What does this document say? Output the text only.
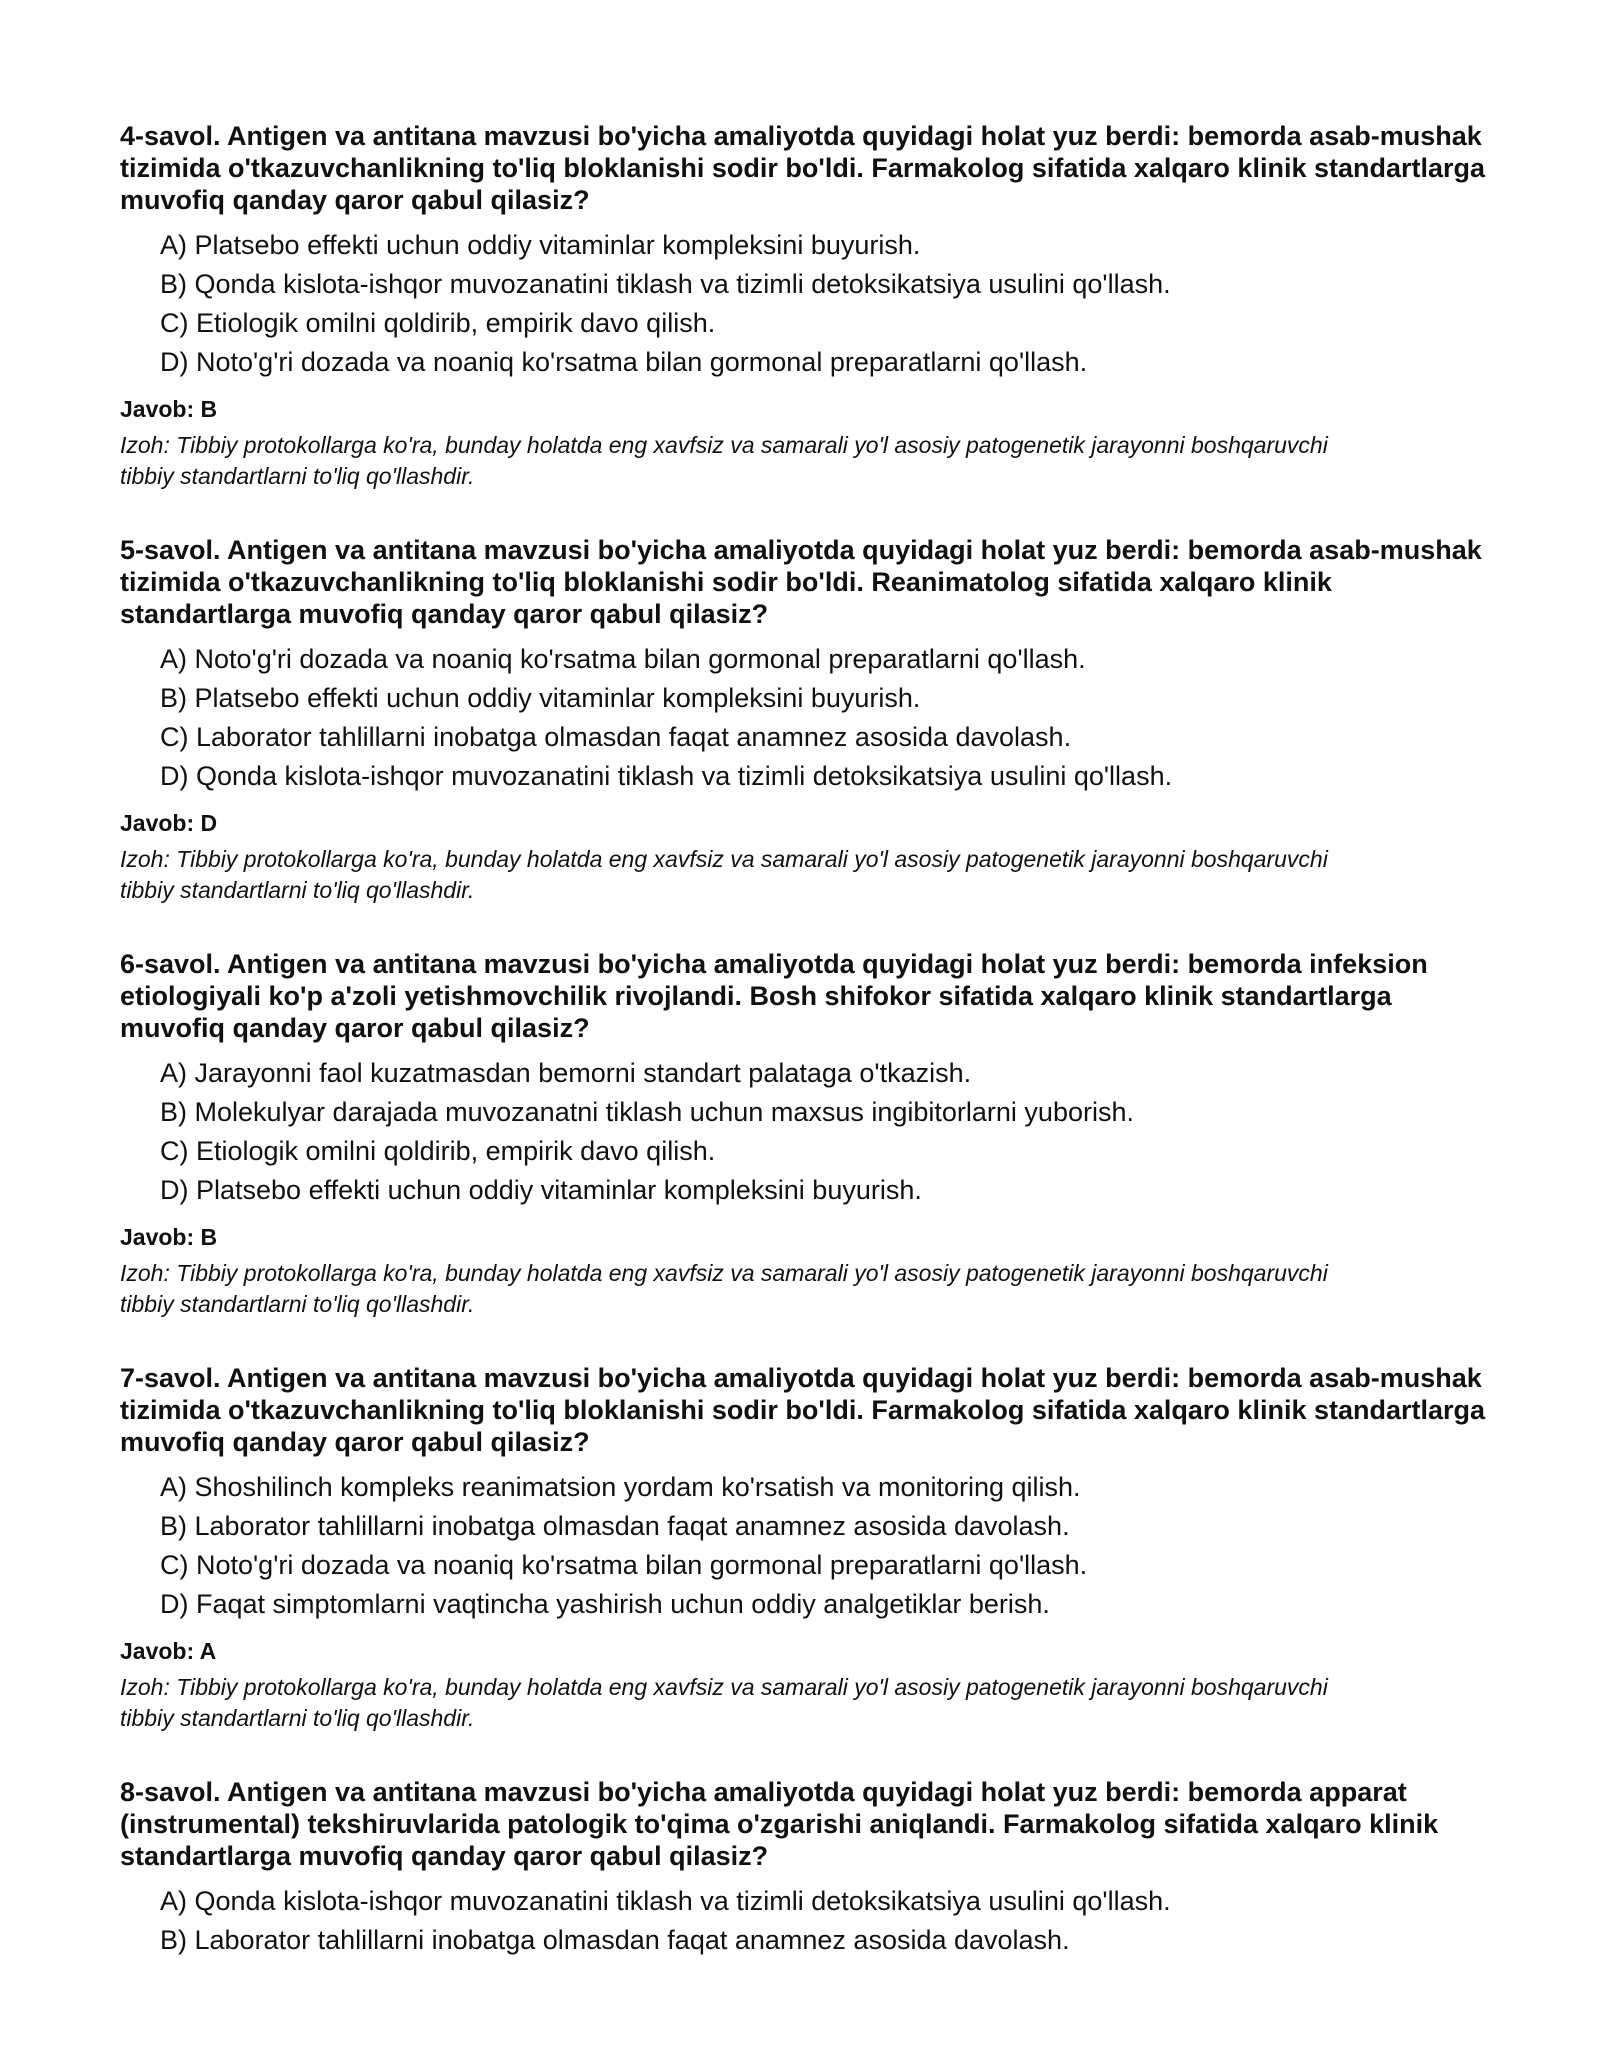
4-savol. Antigen va antitana mavzusi bo'yicha amaliyotda quyidagi holat yuz berdi: bemorda asab-mushak tizimida o'tkazuvchanlikning to'liq bloklanishi sodir bo'ldi. Farmakolog sifatida xalqaro klinik standartlarga muvofiq qanday qaror qabul qilasiz?
A) Platsebo effekti uchun oddiy vitaminlar kompleksini buyurish.
B) Qonda kislota-ishqor muvozanatini tiklash va tizimli detoksikatsiya usulini qo'llash.
C) Etiologik omilni qoldirib, empirik davo qilish.
D) Noto'g'ri dozada va noaniq ko'rsatma bilan gormonal preparatlarni qo'llash.
Javob: B
Izoh: Tibbiy protokollarga ko'ra, bunday holatda eng xavfsiz va samarali yo'l asosiy patogenetik jarayonni boshqaruvchi tibbiy standartlarni to'liq qo'llashdir.
5-savol. Antigen va antitana mavzusi bo'yicha amaliyotda quyidagi holat yuz berdi: bemorda asab-mushak tizimida o'tkazuvchanlikning to'liq bloklanishi sodir bo'ldi. Reanimatolog sifatida xalqaro klinik standartlarga muvofiq qanday qaror qabul qilasiz?
A) Noto'g'ri dozada va noaniq ko'rsatma bilan gormonal preparatlarni qo'llash.
B) Platsebo effekti uchun oddiy vitaminlar kompleksini buyurish.
C) Laborator tahlillarni inobatga olmasdan faqat anamnez asosida davolash.
D) Qonda kislota-ishqor muvozanatini tiklash va tizimli detoksikatsiya usulini qo'llash.
Javob: D
Izoh: Tibbiy protokollarga ko'ra, bunday holatda eng xavfsiz va samarali yo'l asosiy patogenetik jarayonni boshqaruvchi tibbiy standartlarni to'liq qo'llashdir.
6-savol. Antigen va antitana mavzusi bo'yicha amaliyotda quyidagi holat yuz berdi: bemorda infeksion etiologiyali ko'p a'zoli yetishmovchilik rivojlandi. Bosh shifokor sifatida xalqaro klinik standartlarga muvofiq qanday qaror qabul qilasiz?
A) Jarayonni faol kuzatmasdan bemorni standart palataga o'tkazish.
B) Molekulyar darajada muvozanatni tiklash uchun maxsus ingibitorlarni yuborish.
C) Etiologik omilni qoldirib, empirik davo qilish.
D) Platsebo effekti uchun oddiy vitaminlar kompleksini buyurish.
Javob: B
Izoh: Tibbiy protokollarga ko'ra, bunday holatda eng xavfsiz va samarali yo'l asosiy patogenetik jarayonni boshqaruvchi tibbiy standartlarni to'liq qo'llashdir.
7-savol. Antigen va antitana mavzusi bo'yicha amaliyotda quyidagi holat yuz berdi: bemorda asab-mushak tizimida o'tkazuvchanlikning to'liq bloklanishi sodir bo'ldi. Farmakolog sifatida xalqaro klinik standartlarga muvofiq qanday qaror qabul qilasiz?
A) Shoshilinch kompleks reanimatsion yordam ko'rsatish va monitoring qilish.
B) Laborator tahlillarni inobatga olmasdan faqat anamnez asosida davolash.
C) Noto'g'ri dozada va noaniq ko'rsatma bilan gormonal preparatlarni qo'llash.
D) Faqat simptomlarni vaqtincha yashirish uchun oddiy analgetiklar berish.
Javob: A
Izoh: Tibbiy protokollarga ko'ra, bunday holatda eng xavfsiz va samarali yo'l asosiy patogenetik jarayonni boshqaruvchi tibbiy standartlarni to'liq qo'llashdir.
8-savol. Antigen va antitana mavzusi bo'yicha amaliyotda quyidagi holat yuz berdi: bemorda apparat (instrumental) tekshiruvlarida patologik to'qima o'zgarishi aniqlandi. Farmakolog sifatida xalqaro klinik standartlarga muvofiq qanday qaror qabul qilasiz?
A) Qonda kislota-ishqor muvozanatini tiklash va tizimli detoksikatsiya usulini qo'llash.
B) Laborator tahlillarni inobatga olmasdan faqat anamnez asosida davolash.
